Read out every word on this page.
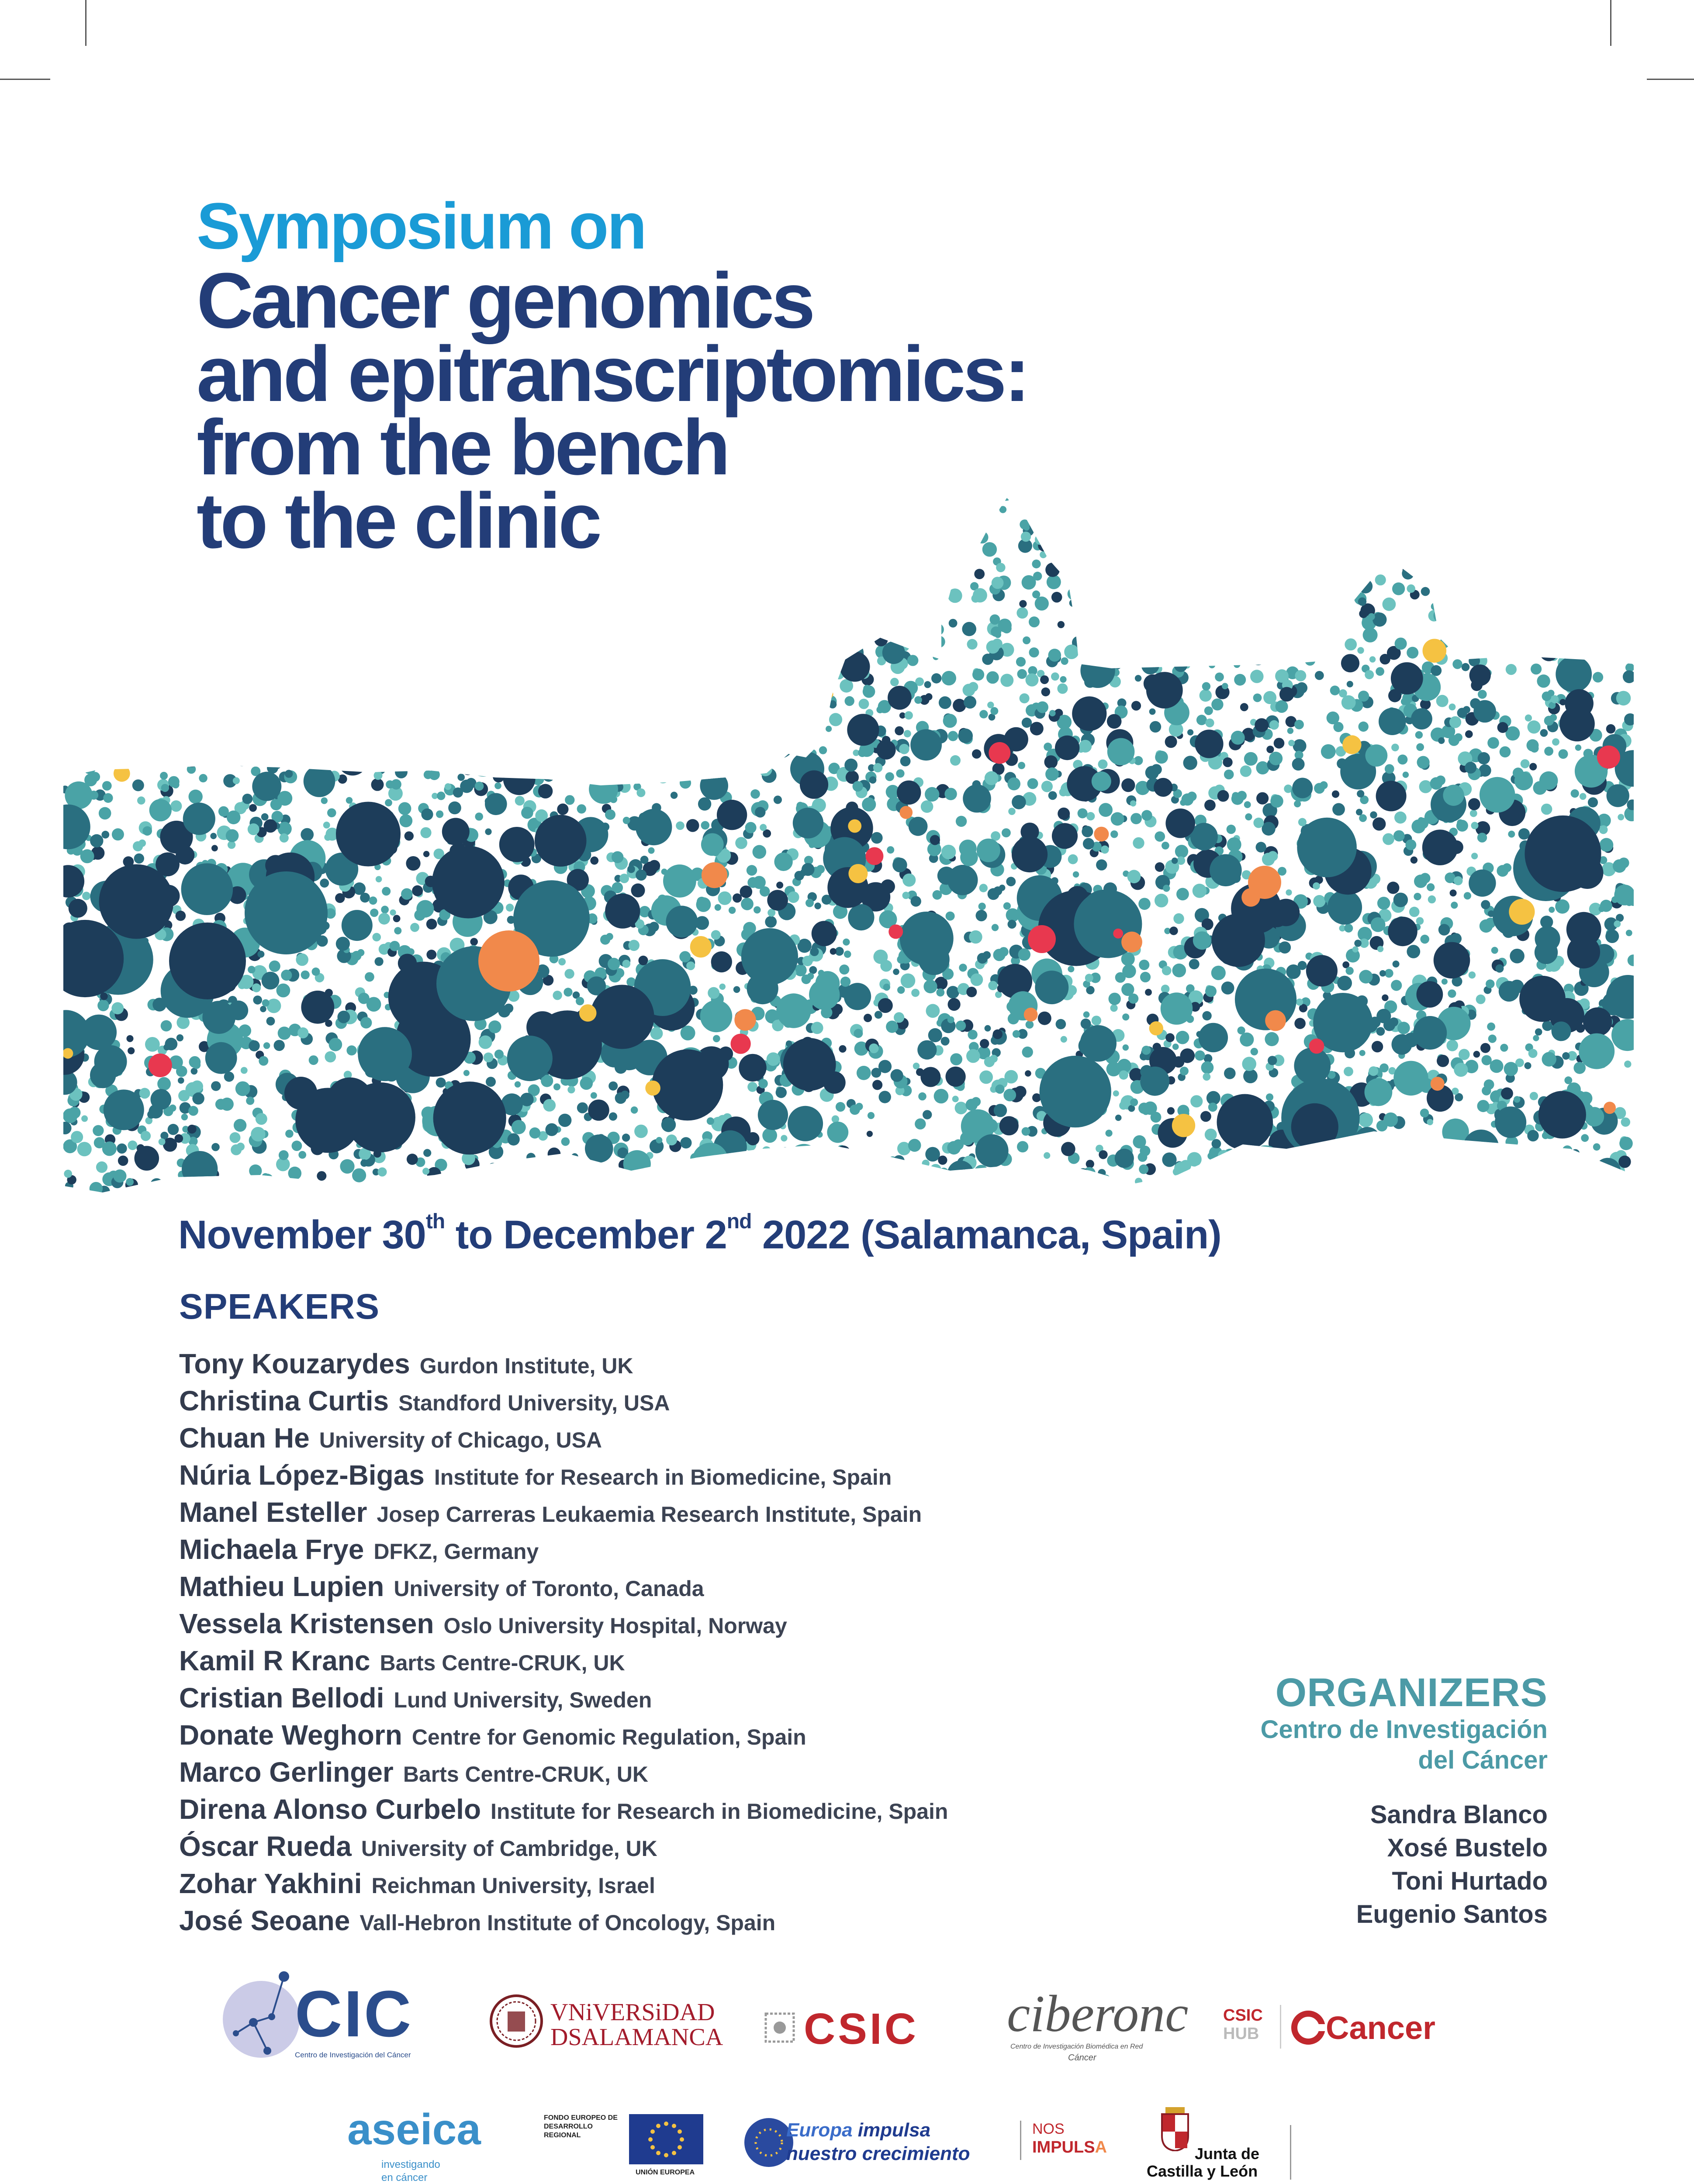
Symposium on
Cancer genomics
and epitranscriptomics:
from the bench
to the clinic
November 30th to December 2nd 2022 (Salamanca, Spain)
SPEAKERS
Tony Kouzarydes Gurdon Institute, UK
Christina Curtis Standford University, USA
Chuan He University of Chicago, USA
Núria López-Bigas Institute for Research in Biomedicine, Spain
Manel Esteller Josep Carreras Leukaemia Research Institute, Spain
Michaela Frye DFKZ, Germany
Mathieu Lupien University of Toronto, Canada
Vessela Kristensen Oslo University Hospital, Norway
Kamil R Kranc Barts Centre-CRUK, UK
Cristian Bellodi Lund University, Sweden
Donate Weghorn Centre for Genomic Regulation, Spain
Marco Gerlinger Barts Centre-CRUK, UK
Direna Alonso Curbelo Institute for Research in Biomedicine, Spain
Óscar Rueda University of Cambridge, UK
Zohar Yakhini Reichman University, Israel
José Seoane Vall-Hebron Institute of Oncology, Spain
ORGANIZERS
Centro de Investigación
del Cáncer
Sandra Blanco
Xosé Bustelo
Toni Hurtado
Eugenio Santos
CIC
Centro de Investigación del Cáncer
VNiVERSiDAD
DSALAMANCA CSIC ciberonc
Centro de Investigación Biomédica en Red
Cáncer
CSIC
HUB Cancer
aseica
investigando
en cáncer
FONDO EUROPEO DE
DESARROLLO
REGIONAL
UNIÓN EUROPEA
Europa impulsa
nuestro crecimiento
NOS
IMPULSA	Junta de
Castilla y León
